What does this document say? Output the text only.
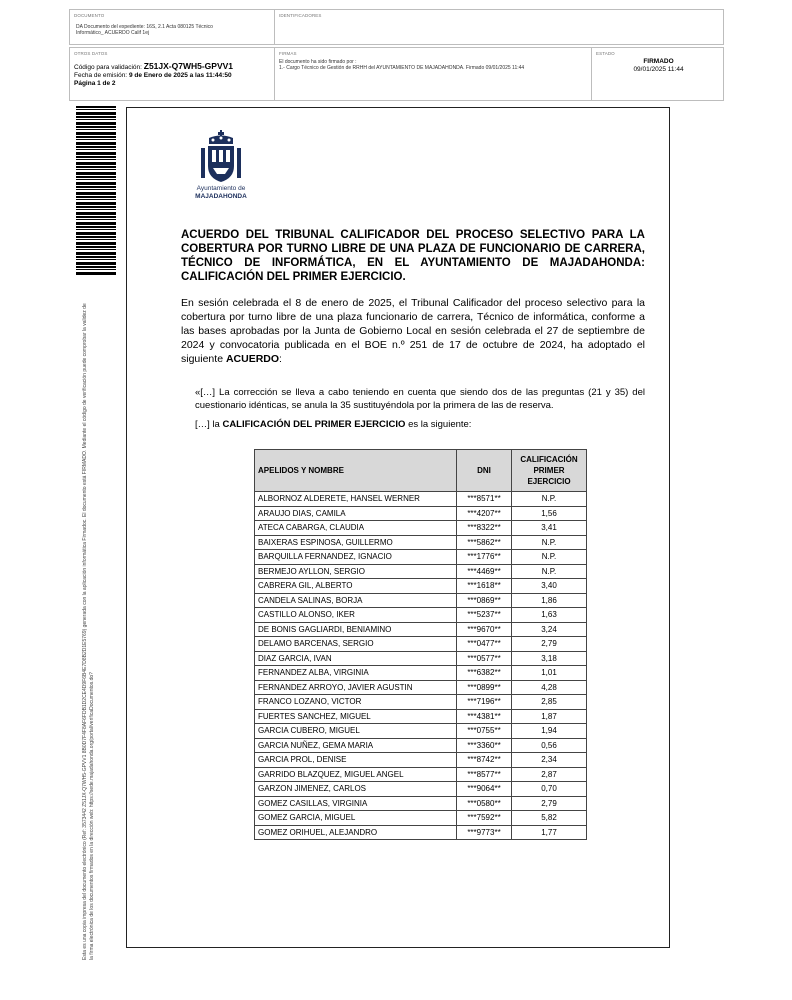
DOCUMENTO
DA Documento del expediente: 16S, 2.1 Acta 080125 Técnico
Informático_ ACUERDO Calif 1ej
IDENTIFICADORES
OTROS DATOS
Código para validación: Z51JX-Q7WH5-GPVV1
Fecha de emisión: 9 de Enero de 2025 a las 11:44:50
Página 1 de 2
FIRMAS
El documento ha sido firmado por :
1.- Cargo Técnico de Gestión de RRHH del AYUNTAMIENTO DE MAJADAHONDA. Firmado 09/01/2025 11:44
ESTADO
FIRMADO
09/01/2025 11:44
Esta es una copia impresa del documento electrónico (Ref: 3573442 Z51JX-Q7WH5-GPVV1 8B0D7F4F8AF6FDB1D2CE4D9F6B4E7D8B2D1E5769) generada con la aplicación informática Firmadoc. El documento está FIRMADO. Mediante el código de verificación puede comprobar la validez de la firma electrónica de los documentos firmados en la dirección web: https://sede.majadahonda.org/portal/verificaDocumentos.do?
Ayuntamiento de
MAJADAHONDA
ACUERDO DEL TRIBUNAL CALIFICADOR DEL PROCESO SELECTIVO PARA LA COBERTURA POR TURNO LIBRE DE UNA PLAZA DE FUNCIONARIO DE CARRERA, TÉCNICO DE INFORMÁTICA, EN EL AYUNTAMIENTO DE MAJADAHONDA: CALIFICACIÓN DEL PRIMER EJERCICIO.
En sesión celebrada el 8 de enero de 2025, el Tribunal Calificador del proceso selectivo para la cobertura por turno libre de una plaza funcionario de carrera, Técnico de informática, conforme a las bases aprobadas por la Junta de Gobierno Local en sesión celebrada el 27 de septiembre de 2024 y convocatoria publicada en el BOE n.º 251 de 17 de octubre de 2024, ha adoptado el siguiente ACUERDO:
«[…] La corrección se lleva a cabo teniendo en cuenta que siendo dos de las preguntas (21 y 35) del cuestionario idénticas, se anula la 35 sustituyéndola por la primera de las de reserva.
[…] la CALIFICACIÓN DEL PRIMER EJERCICIO es la siguiente:
APELIDOS Y NOMBRE	DNI	CALIFICACIÓN PRIMER EJERCICIO
ALBORNOZ ALDERETE, HANSEL WERNER	***8571**	N.P.
ARAUJO DIAS, CAMILA	***4207**	1,56
ATECA CABARGA, CLAUDIA	***8322**	3,41
BAIXERAS ESPINOSA, GUILLERMO	***5862**	N.P.
BARQUILLA FERNANDEZ, IGNACIO	***1776**	N.P.
BERMEJO AYLLON, SERGIO	***4469**	N.P.
CABRERA GIL, ALBERTO	***1618**	3,40
CANDELA SALINAS, BORJA	***0869**	1,86
CASTILLO ALONSO, IKER	***5237**	1,63
DE BONIS GAGLIARDI, BENIAMINO	***9670**	3,24
DELAMO BARCENAS, SERGIO	***0477**	2,79
DIAZ GARCIA, IVAN	***0577**	3,18
FERNANDEZ ALBA, VIRGINIA	***6382**	1,01
FERNANDEZ ARROYO, JAVIER AGUSTIN	***0899**	4,28
FRANCO LOZANO, VICTOR	***7196**	2,85
FUERTES SANCHEZ, MIGUEL	***4381**	1,87
GARCIA CUBERO, MIGUEL	***0755**	1,94
GARCIA NUÑEZ, GEMA MARIA	***3360**	0,56
GARCIA PROL, DENISE	***8742**	2,34
GARRIDO BLAZQUEZ, MIGUEL ANGEL	***8577**	2,87
GARZON JIMENEZ, CARLOS	***9064**	0,70
GOMEZ CASILLAS, VIRGINIA	***0580**	2,79
GOMEZ GARCIA, MIGUEL	***7592**	5,82
GOMEZ ORIHUEL, ALEJANDRO	***9773**	1,77
